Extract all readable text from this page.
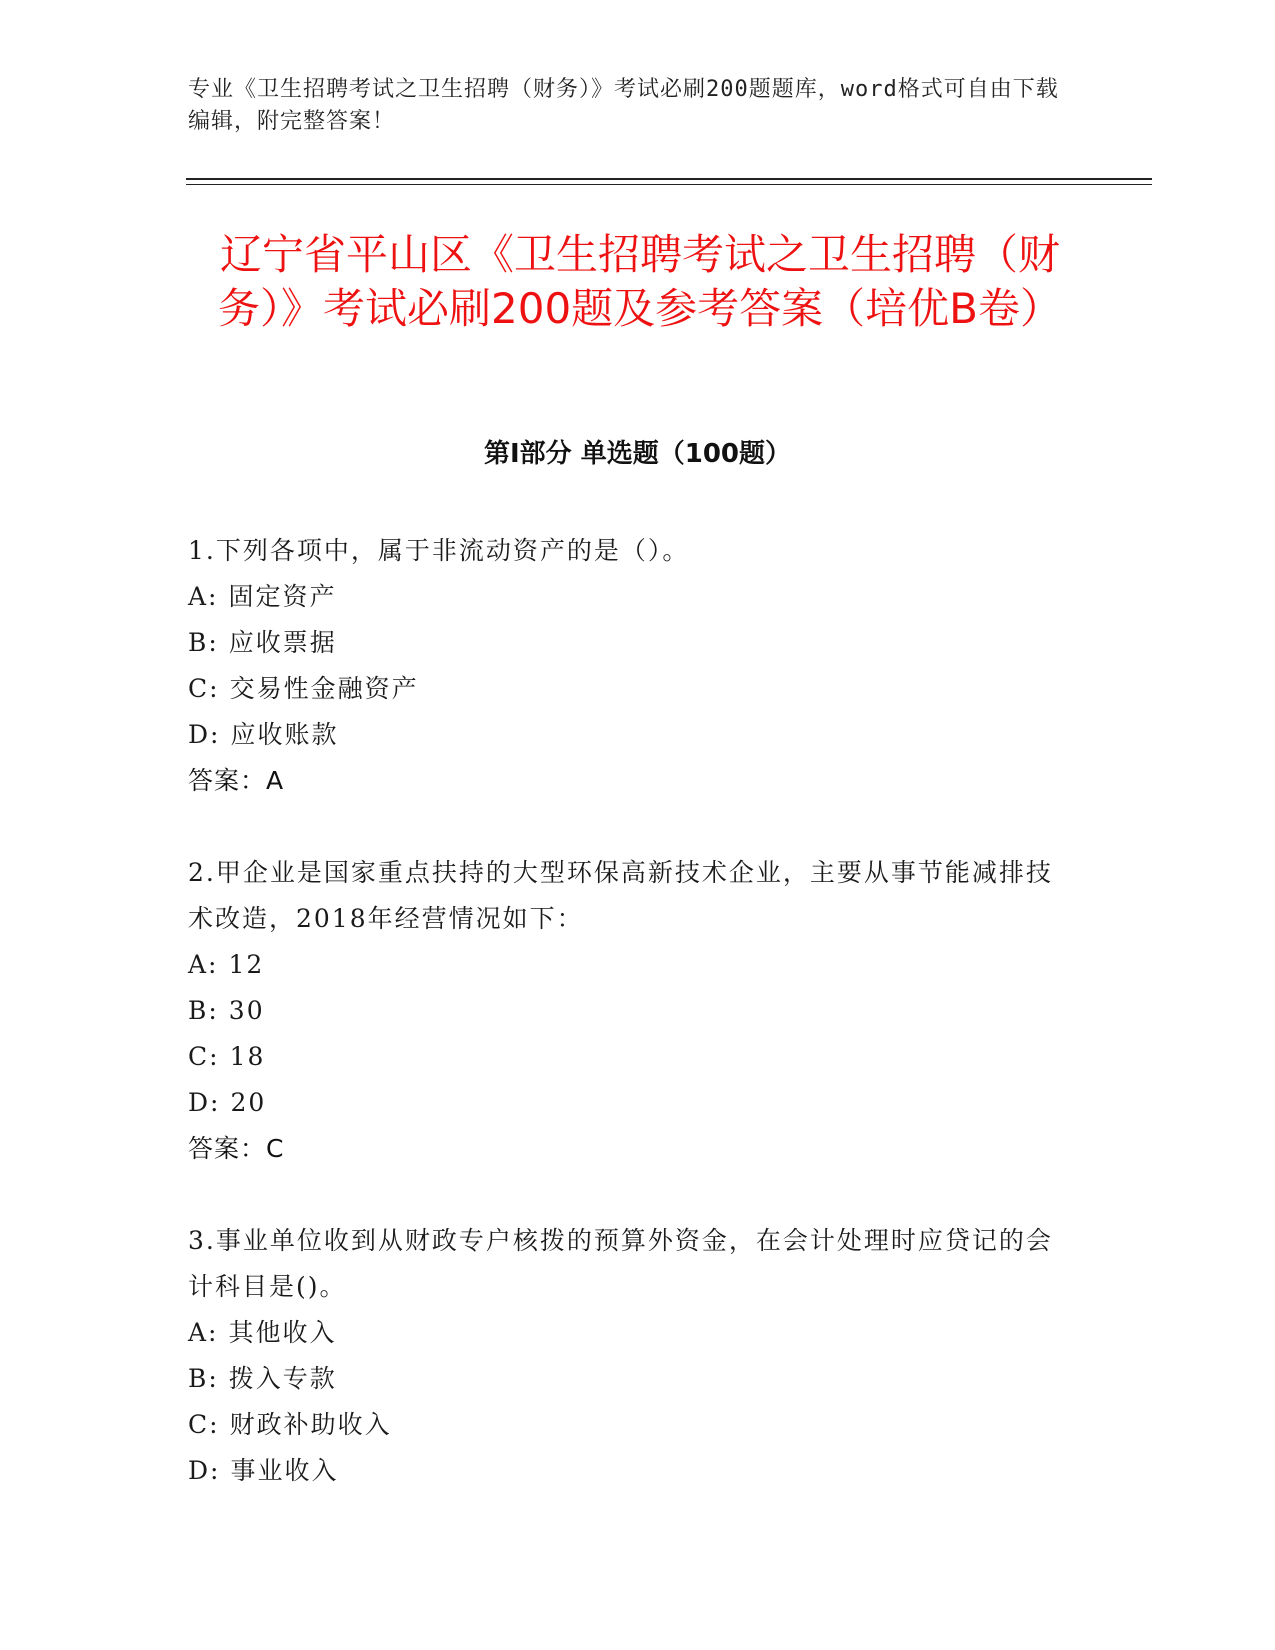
专业《卫生招聘考试之卫生招聘（财务）》考试必刷200题题库，word格式可自由下载编辑，附完整答案！
辽宁省平山区《卫生招聘考试之卫生招聘（财务）》考试必刷200题及参考答案（培优B卷）
第I部分 单选题（100题）

1.下列各项中，属于非流动资产的是（）。

A: 固定资产

B: 应收票据

C: 交易性金融资产

D: 应收账款

答案：A

2.甲企业是国家重点扶持的大型环保高新技术企业，主要从事节能减排技术改造，2018年经营情况如下：

A: 12

B: 30

C: 18

D: 20

答案：C

3.事业单位收到从财政专户核拨的预算外资金，在会计处理时应贷记的会计科目是()。

A: 其他收入

B: 拨入专款

C: 财政补助收入

D: 事业收入
